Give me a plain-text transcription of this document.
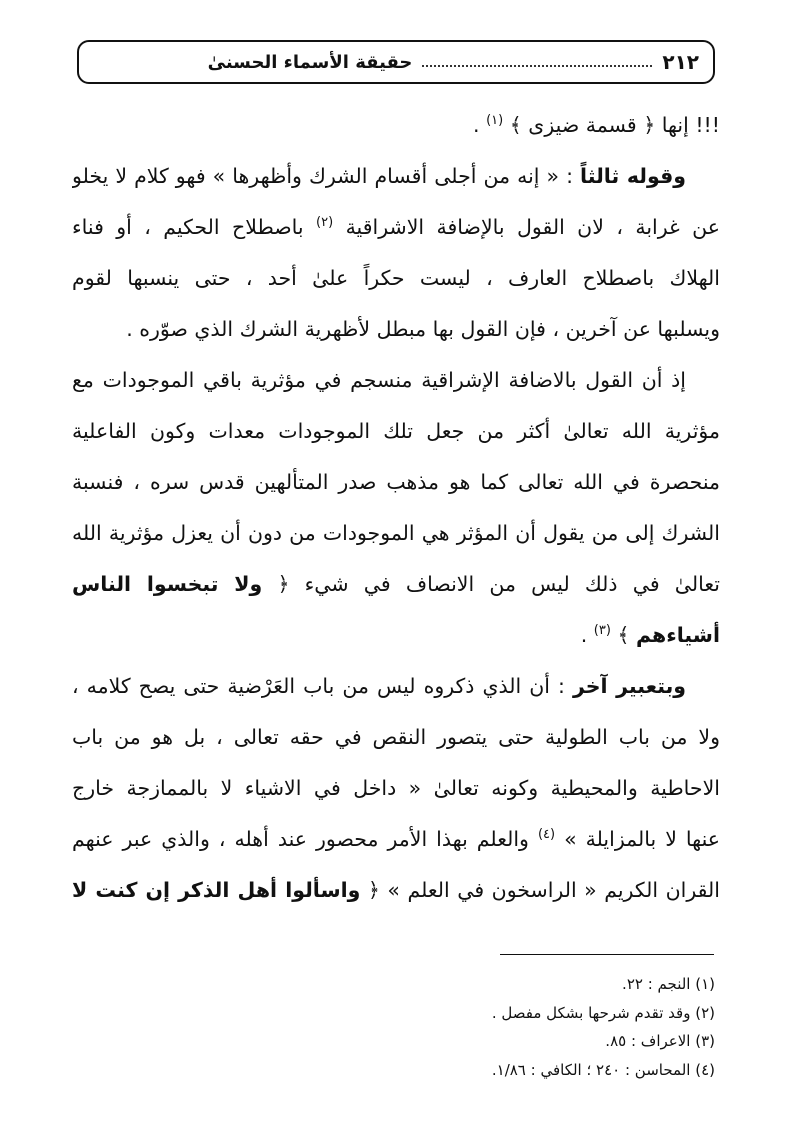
٢١٢
حقيقة الأسماء الحسنىٰ
!!! إنها ﴿ قسمة ضيزى ﴾ $^{(١)}$ .
وقوله ثالثاً : « إنه من أجلى أقسام الشرك وأظهرها » فهو كلام لا يخلو
عن غرابة ، لان القول بالإضافة الاشراقية $^{(٢)}$ باصطلاح الحكيم ، أو فناء
الهلاك باصطلاح العارف ، ليست حكراً علىٰ أحد ، حتى ينسبها لقوم
ويسلبها عن آخرين ، فإن القول بها مبطل لأظهرية الشرك الذي صوّره .
إذ أن القول بالاضافة الإشراقية منسجم في مؤثرية باقي الموجودات مع
مؤثرية الله تعالىٰ أكثر من جعل تلك الموجودات معدات وكون الفاعلية
منحصرة في الله تعالى كما هو مذهب صدر المتألهين قدس سره ، فنسبة
الشرك إلى من يقول أن المؤثر هي الموجودات من دون أن يعزل مؤثرية الله
تعالىٰ في ذلك ليس من الانصاف في شيء ﴿ ولا تبخسوا الناس
أشياءهم ﴾ $^{(٣)}$ .
وبتعبير آخر : أن الذي ذكروه ليس من باب العَرْضية حتى يصح كلامه ،
ولا من باب الطولية حتى يتصور النقص في حقه تعالى ، بل هو من باب
الاحاطية والمحيطية وكونه تعالىٰ « داخل في الاشياء لا بالممازجة خارج
عنها لا بالمزايلة » $^{(٤)}$ والعلم بهذا الأمر محصور عند أهله ، والذي عبر عنهم
القران الكريم « الراسخون في العلم » ﴿ واسألوا أهل الذكر إن كنت لا
(١) النجم : ٢٢.
(٢) وقد تقدم شرحها بشكل مفصل .
(٣) الاعراف : ٨٥.
(٤) المحاسن : ٢٤٠ ؛ الكافي : ١/٨٦.
